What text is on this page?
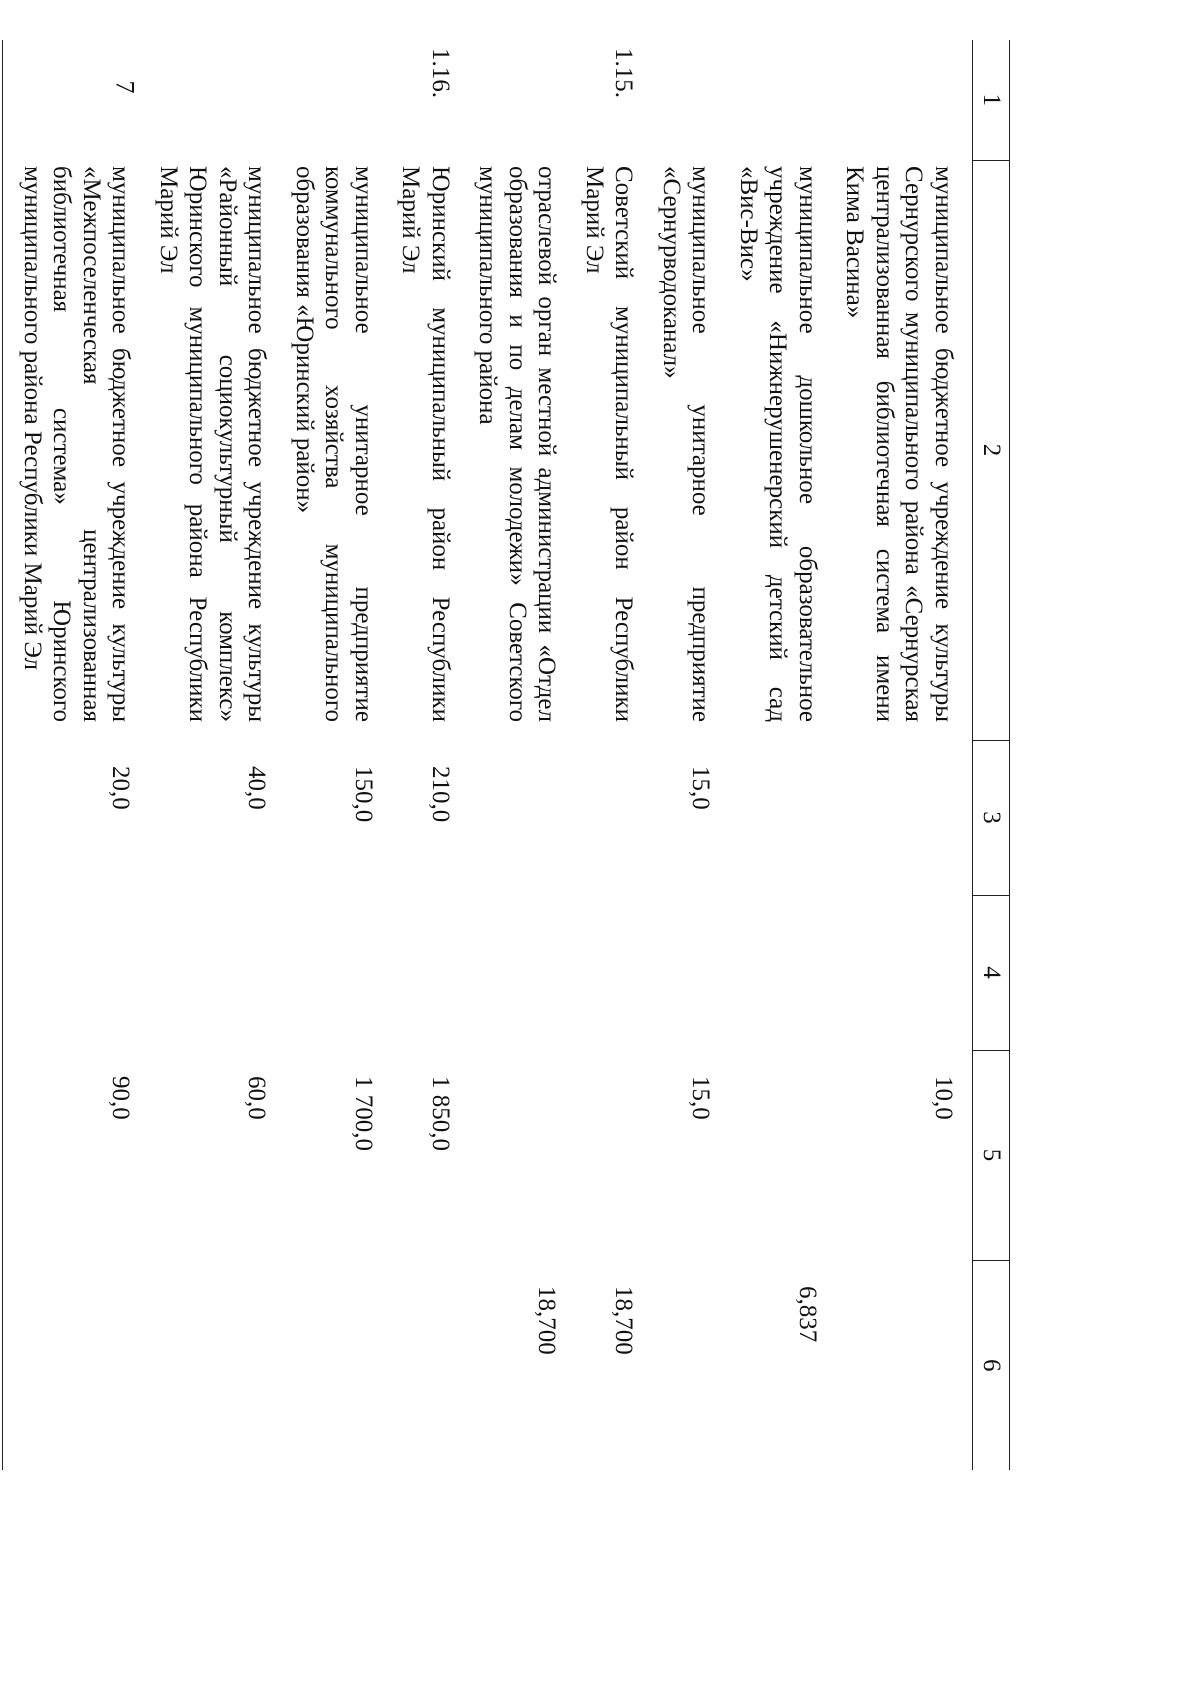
7
1	2	3	4	5	6
	муниципальное бюджетное учреждение культуры Сернурского муниципального района «Сернурская централизованная библиотечная система имени Кима Васина»			10,0	
	муниципальное дошкольное образовательное учреждение «Нижнерушенерский детский сад «Вис-Вис»				6,837
	муниципальное унитарное предприятие «Сернурводоканал»	15,0		15,0	
1.15.	Советский муниципальный район Республики Марий Эл				18,700
	отраслевой орган местной администрации «Отдел образования и по делам молодежи» Советского муниципального района				18,700
1.16.	Юринский муниципальный район Республики Марий Эл	210,0		1 850,0	
	муниципальное унитарное предприятие коммунального хозяйства муниципального образования «Юринский район»	150,0		1 700,0	
	муниципальное бюджетное учреждение культуры «Районный социокультурный комплекс» Юринского муниципального района Республики Марий Эл	40,0		60,0	
	муниципальное бюджетное учреждение культуры «Межпоселенческая централизованная библиотечная система» Юринского муниципального района Республики Марий Эл	20,0		90,0	
